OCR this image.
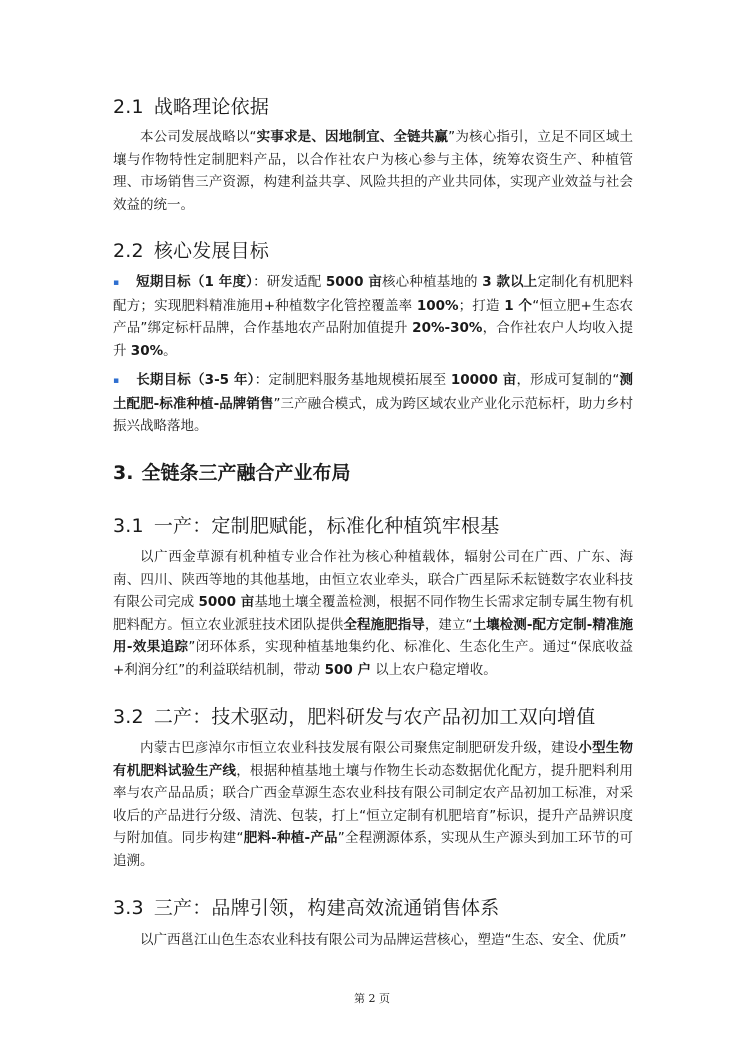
2.1 战略理论依据

本公司发展战略以“实事求是、因地制宜、全链共赢”为核心指引，立足不同区域土壤与作物特性定制肥料产品，以合作社农户为核心参与主体，统筹农资生产、种植管理、市场销售三产资源，构建利益共享、风险共担的产业共同体，实现产业效益与社会效益的统一。

2.2 核心发展目标

▪ 短期目标（1 年度）：研发适配 5000 亩核心种植基地的 3 款以上定制化有机肥料配方；实现肥料精准施用+种植数字化管控覆盖率 100%；打造 1 个“恒立肥+生态农产品”绑定标杆品牌，合作基地农产品附加值提升 20%-30%，合作社农户人均收入提升 30%。

▪ 长期目标（3-5 年）：定制肥料服务基地规模拓展至 10000 亩，形成可复制的“测土配肥-标准种植-品牌销售”三产融合模式，成为跨区域农业产业化示范标杆，助力乡村振兴战略落地。

3. 全链条三产融合产业布局
3.1 一产：定制肥赋能，标准化种植筑牢根基

以广西金草源有机种植专业合作社为核心种植载体，辐射公司在广西、广东、海南、四川、陕西等地的其他基地，由恒立农业牵头，联合广西星际禾耘链数字农业科技有限公司完成 5000 亩基地土壤全覆盖检测，根据不同作物生长需求定制专属生物有机肥料配方。恒立农业派驻技术团队提供全程施肥指导，建立“土壤检测-配方定制-精准施用-效果追踪”闭环体系，实现种植基地集约化、标准化、生态化生产。通过“保底收益+利润分红”的利益联结机制，带动 500 户 以上农户稳定增收。

3.2 二产：技术驱动，肥料研发与农产品初加工双向增值

内蒙古巴彦淖尔市恒立农业科技发展有限公司聚焦定制肥研发升级，建设小型生物有机肥料试验生产线，根据种植基地土壤与作物生长动态数据优化配方，提升肥料利用率与农产品品质；联合广西金草源生态农业科技有限公司制定农产品初加工标准，对采收后的产品进行分级、清洗、包装，打上“恒立定制有机肥培育”标识，提升产品辨识度与附加值。同步构建“肥料-种植-产品”全程溯源体系，实现从生产源头到加工环节的可追溯。

3.3 三产：品牌引领，构建高效流通销售体系

以广西邕江山色生态农业科技有限公司为品牌运营核心，塑造“生态、安全、优质”

第 2 页
